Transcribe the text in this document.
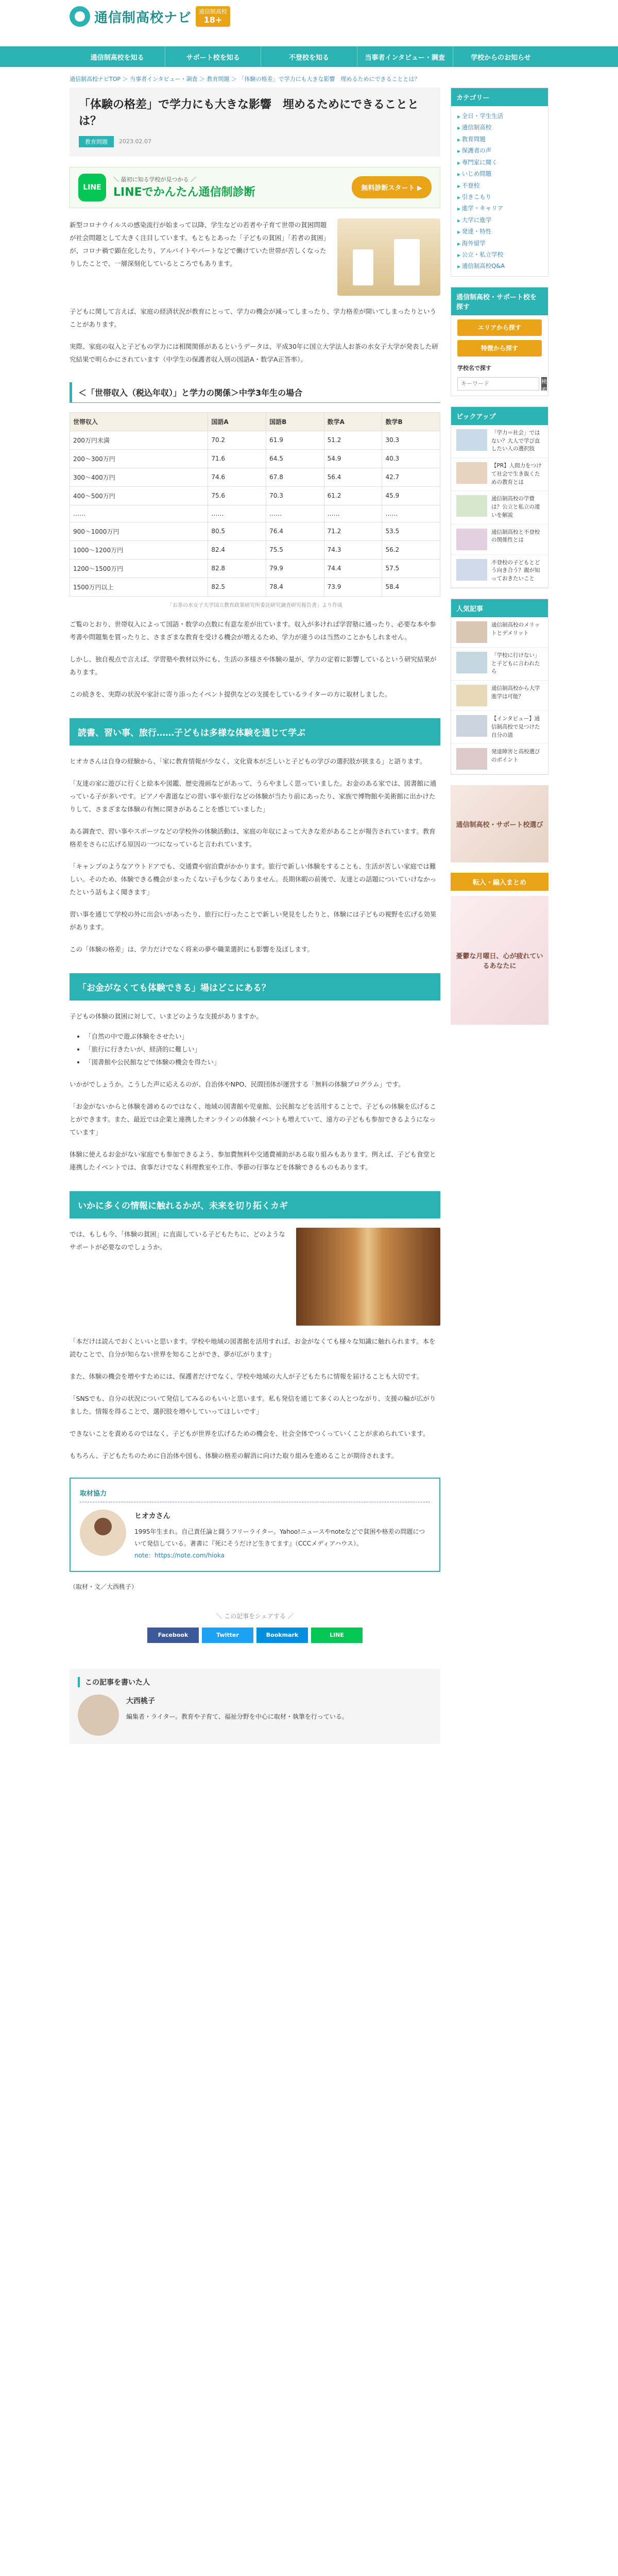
通信制高校ナビ	通信制高校
18+
通信制高校を知る	サポート校を知る	不登校を知る	当事者インタビュー・調査	学校からのお知らせ
通信制高校ナビTOP ＞ 当事者インタビュー・調査 ＞ 教育問題 ＞ 「体験の格差」で学力にも大きな影響　埋めるためにできることとは？
「体験の格差」で学力にも大きな影響　埋めるためにできることとは？
教育問題	2023.02.07
LINE
＼ 最初に知る学校が見つかる ／
LINEでかんたん通信制診断	無料診断スタート ▶
新型コロナウイルスの感染流行が始まって以降、学生などの若者や子育て世帯の貧困問題が社会問題として大きく注目しています。もともとあった「子どもの貧困」「若者の貧困」が、コロナ禍で顕在化したり、アルバイトやパートなどで働けていた世帯が苦しくなったりしたことで、一層深刻化しているところでもあります。

子どもに関して言えば、家庭の経済状況が教育にとって、学力の機会が減ってしまったり、学力格差が開いてしまったりということがあります。

実際、家庭の収入と子どもの学力には相関関係があるというデータは、平成30年に国立大学法人お茶の水女子大学が発表した研究結果で明らかにされています（中学生の保護者収入別の国語A・数学A正答率）。

＜「世帯収入（税込年収）」と学力の関係＞中学3年生の場合
世帯収入	国語A	国語B	数学A	数学B
200万円未満	70.2	61.9	51.2	30.3
200〜300万円	71.6	64.5	54.9	40.3
300〜400万円	74.6	67.8	56.4	42.7
400〜500万円	75.6	70.3	61.2	45.9
……	……	……	……	……
900〜1000万円	80.5	76.4	71.2	53.5
1000〜1200万円	82.4	75.5	74.3	56.2
1200〜1500万円	82.8	79.9	74.4	57.5
1500万円以上	82.5	78.4	73.9	58.4
「お茶の水女子大学国立教育政策研究所委託研究調査研究報告書」より作成

ご覧のとおり、世帯収入によって国語・数学の点数に有意な差が出ています。収入が多ければ学習塾に通ったり、必要な本や参考書や問題集を買ったりと、さまざまな教育を受ける機会が増えるため、学力が違うのは当然のことかもしれません。

しかし、独自視点で言えば、学習塾や教材以外にも、生活の多様さや体験の量が、学力の定着に影響しているという研究結果があります。

この続きを、実際の状況や家計に寄り添ったイベント提供などの支援をしているライターの方に取材しました。

読書、習い事、旅行……子どもは多様な体験を通じて学ぶ

ヒオカさんは自身の経験から、「家に教育情報が少なく、文化資本が乏しいと子どもの学びの選択肢が狭まる」と語ります。

「友達の家に遊びに行くと絵本や図鑑、歴史漫画などがあって、うらやましく思っていました。お金のある家では、図書館に通っている子が多いです。ピアノや書道などの習い事や旅行などの体験が当たり前にあったり、家族で博物館や美術館に出かけたりして、さまざまな体験の有無に開きがあることを感じていました」

ある調査で、習い事やスポーツなどの学校外の体験活動は、家庭の年収によって大きな差があることが報告されています。教育格差をさらに広げる原因の一つになっていると言われています。

「キャンプのようなアウトドアでも、交通費や宿泊費がかかります。旅行で新しい体験をすることも、生活が苦しい家庭では難しい。そのため、体験できる機会がまったくない子も少なくありません。長期休暇の前後で、友達との話題についていけなかったという話もよく聞きます」

習い事を通じて学校の外に出会いがあったり、旅行に行ったことで新しい発見をしたりと、体験には子どもの視野を広げる効果があります。

この「体験の格差」は、学力だけでなく将来の夢や職業選択にも影響を及ぼします。

「お金がなくても体験できる」場はどこにある？

子どもの体験の貧困に対して、いまどのような支援がありますか。

• 「自然の中で遊ぶ体験をさせたい」
• 「旅行に行きたいが、経済的に難しい」
• 「図書館や公民館などで体験の機会を得たい」

いかがでしょうか。こうした声に応えるのが、自治体やNPO、民間団体が運営する「無料の体験プログラム」です。

「お金がないからと体験を諦めるのではなく、地域の図書館や児童館、公民館などを活用することで、子どもの体験を広げることができます。また、最近では企業と連携したオンラインの体験イベントも増えていて、遠方の子どもも参加できるようになっています」

体験に使えるお金がない家庭でも参加できるよう、参加費無料や交通費補助がある取り組みもあります。例えば、子ども食堂と連携したイベントでは、食事だけでなく料理教室や工作、季節の行事などを体験できるものもあります。

いかに多くの情報に触れるかが、未来を切り拓くカギ
では、もしも今、「体験の貧困」に直面している子どもたちに、どのようなサポートが必要なのでしょうか。

「本だけは読んでおくといいと思います。学校や地域の図書館を活用すれば、お金がなくても様々な知識に触れられます。本を読むことで、自分が知らない世界を知ることができ、夢が広がります」

また、体験の機会を増やすためには、保護者だけでなく、学校や地域の大人が子どもたちに情報を届けることも大切です。

「SNSでも、自分の状況について発信してみるのもいいと思います。私も発信を通じて多くの人とつながり、支援の輪が広がりました。情報を得ることで、選択肢を増やしていってほしいです」

できないことを責めるのではなく、子どもが世界を広げるための機会を、社会全体でつくっていくことが求められています。

もちろん、子どもたちのために自治体や国も、体験の格差の解消に向けた取り組みを進めることが期待されます。

取材協力
ヒオカさん
1995年生まれ。自己責任論と闘うフリーライター。Yahoo!ニュースやnoteなどで貧困や格差の問題について発信している。著書に『死にそうだけど生きてます』（CCCメディアハウス）。
note：https://note.com/hioka
（取材・文／大西桃子）
＼ この記事をシェアする ／
Facebook	Twitter	Bookmark	LINE
この記事を書いた人
大西桃子
編集者・ライター。教育や子育て、福祉分野を中心に取材・執筆を行っている。
カテゴリー
▶ 全日・学生生活
▶ 通信制高校
▶ 教育問題
▶ 保護者の声
▶ 専門家に聞く
▶ いじめ問題
▶ 不登校
▶ 引きこもり
▶ 進学・キャリア
▶ 大学に進学
▶ 発達・特性
▶ 海外留学
▶ 公立・私立学校
▶ 通信制高校Q&A
通信制高校・サポート校を探す
エリアから探す
特徴から探す
学校名で探す
キーワード
検索
ピックアップ
「学力＝社会」ではない？大人で学び直したい人の選択肢
【PR】人間力をつけて社会で生き抜くための教育とは
通信制高校の学費は？公立と私立の違いを解説
通信制高校と不登校の関係性とは
不登校の子どもとどう向き合う？親が知っておきたいこと
人気記事
通信制高校のメリットとデメリット
「学校に行けない」と子どもに言われたら
通信制高校から大学進学は可能？
【インタビュー】通信制高校で見つけた自分の道
発達障害と高校選びのポイント
通信制高校・サポート校選び
転入・編入まとめ
憂鬱な月曜日、心が疲れているあなたに
